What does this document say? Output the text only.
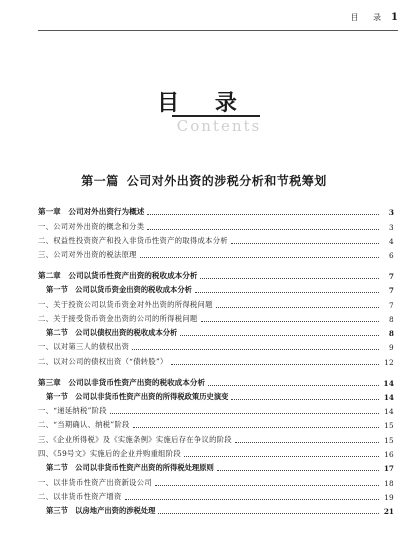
目 录 1
目 录
Contents
第一篇 公司对外出资的涉税分析和节税筹划
第一章　公司对外出资行为概述	3
一、公司对外出资的概念和分类	3
二、权益性投资资产和投入非货币性资产的取得成本分析	4
三、公司对外出资的税法原理	6
第二章　公司以货币性资产出资的税收成本分析	7
第一节　公司以货币资金出资的税收成本分析	7
一、关于投资公司以货币资金对外出资的所得税问题	7
二、关于接受货币资金出资的公司的所得税问题	8
第二节　公司以债权出资的税收成本分析	8
一、以对第三人的债权出资	9
二、以对公司的债权出资（“债转股”）	12
第三章　公司以非货币性资产出资的税收成本分析	14
第一节　公司以非货币性资产出资的所得税政策历史演变	14
一、“递延纳税”阶段	14
二、“当期确认、纳税”阶段	15
三、《企业所得税》及《实施条例》实施后存在争议的阶段	15
四、《59号文》实施后的企业并购重组阶段	16
第二节　公司以非货币性资产出资的所得税处理原则	17
一、以非货币性资产出资新设公司	18
二、以非货币性资产增资	19
第三节　以房地产出资的涉税处理	21
